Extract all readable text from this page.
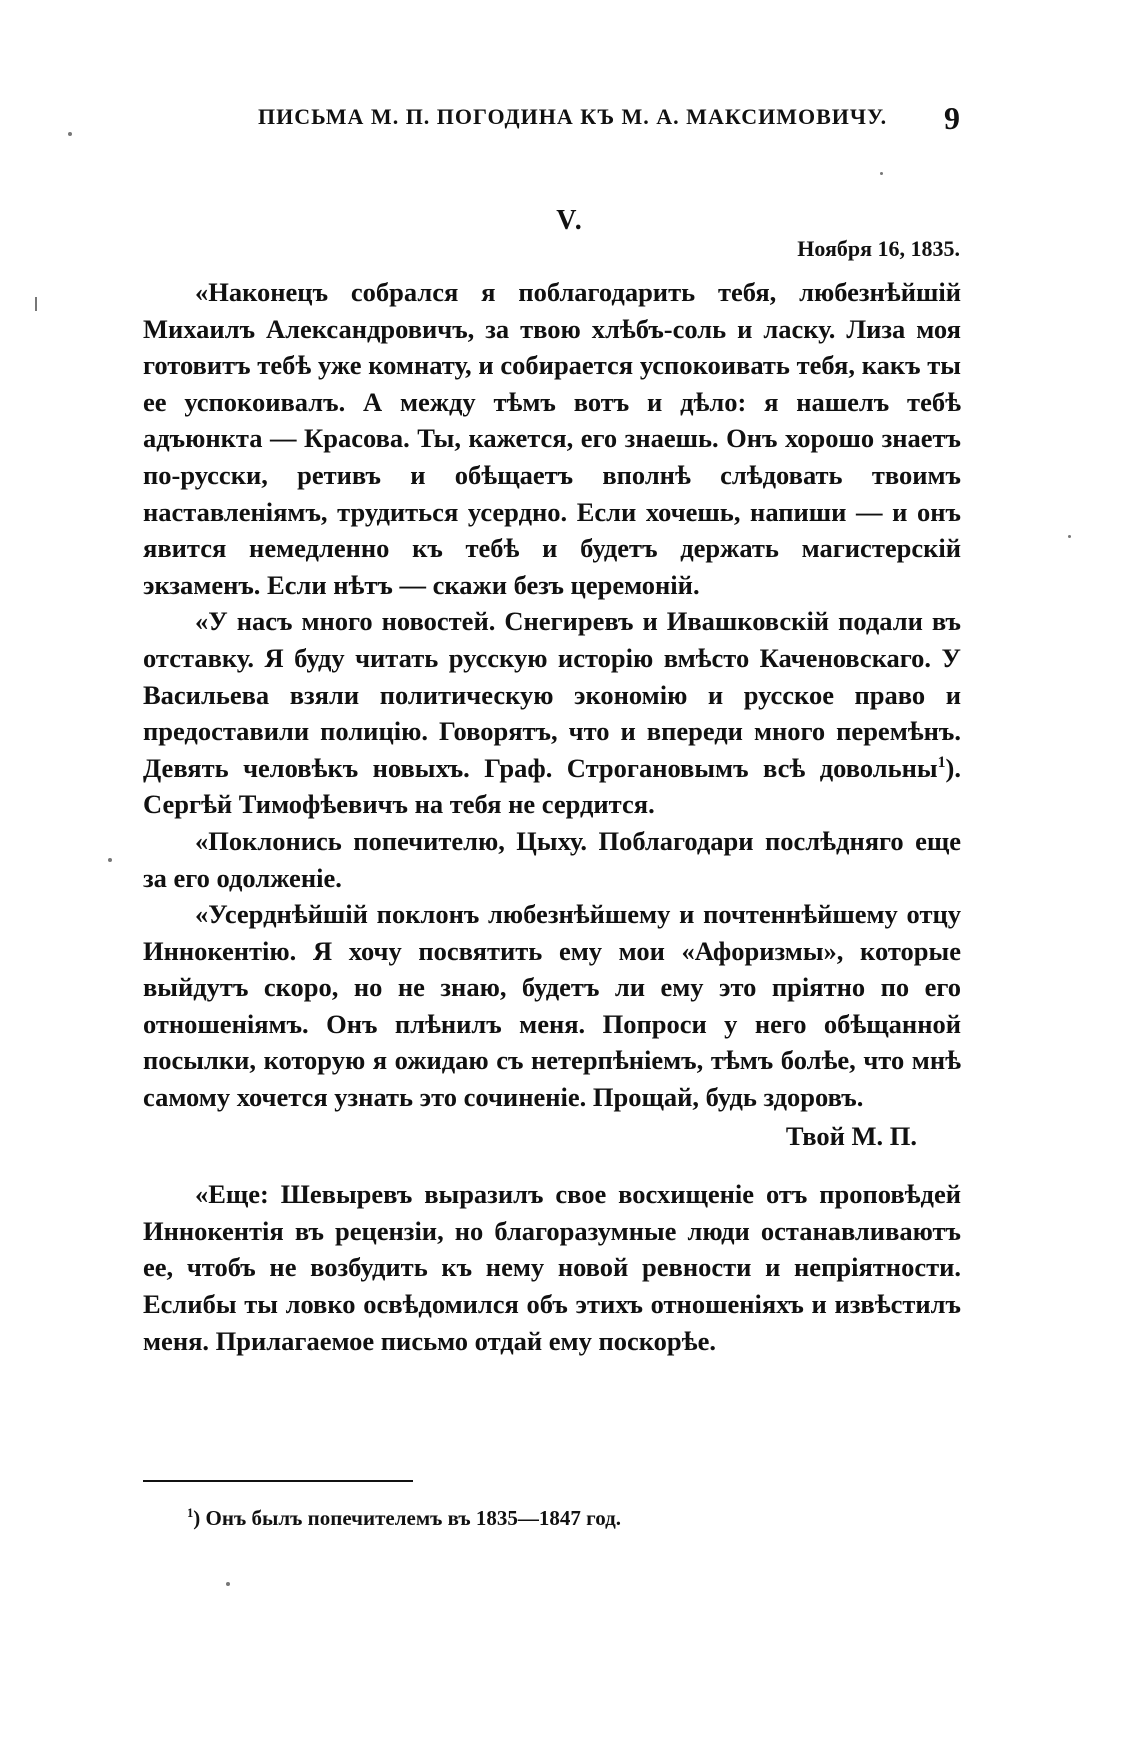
ПИСЬМА М. П. ПОГОДИНА КЪ М. А. МАКСИМОВИЧУ. 9
V.
Ноября 16, 1835.

«Наконецъ собрался я поблагодарить тебя, любезнѣйшій Михаилъ Александровичъ, за твою хлѣбъ-соль и ласку. Лиза моя готовитъ тебѣ уже комнату, и собирается успокоивать тебя, какъ ты ее успокоивалъ. А между тѣмъ вотъ и дѣло: я нашелъ тебѣ адъюнкта — Красова. Ты, кажется, его знаешь. Онъ хорошо знаетъ по-русски, ретивъ и обѣщаетъ вполнѣ слѣдовать твоимъ наставленіямъ, трудиться усердно. Если хочешь, напиши — и онъ явится немедленно къ тебѣ и будетъ держать магистерскій экзаменъ. Если нѣтъ — скажи безъ церемоній.

«У насъ много новостей. Снегиревъ и Ивашковскій подали въ отставку. Я буду читать русскую исторію вмѣсто Каченовскаго. У Васильева взяли политическую экономію и русское право и предоставили полицію. Говорятъ, что и впереди много перемѣнъ. Девять человѣкъ новыхъ. Граф. Строгановымъ всѣ довольны$^1$). Сергѣй Тимофѣевичъ на тебя не сердится.

«Поклонись попечителю, Цыху. Поблагодари послѣдняго еще за его одолженіе.

«Усерднѣйшій поклонъ любезнѣйшему и почтеннѣйшему отцу Иннокентію. Я хочу посвятить ему мои «Афоризмы», которые выйдутъ скоро, но не знаю, будетъ ли ему это пріятно по его отношеніямъ. Онъ плѣнилъ меня. Попроси у него обѣщанной посылки, которую я ожидаю съ нетерпѣніемъ, тѣмъ болѣе, что мнѣ самому хочется узнать это сочиненіе. Прощай, будь здоровъ.

Твой М. П.

«Еще: Шевыревъ выразилъ свое восхищеніе отъ проповѣдей Иннокентія въ рецензіи, но благоразумные люди останавливаютъ ее, чтобъ не возбудить къ нему новой ревности и непріятности. Еслибы ты ловко освѣдомился объ этихъ отношеніяхъ и извѣстилъ меня. Прилагаемое письмо отдай ему поскорѣе.

$^1$) Онъ былъ попечителемъ въ 1835—1847 год.
